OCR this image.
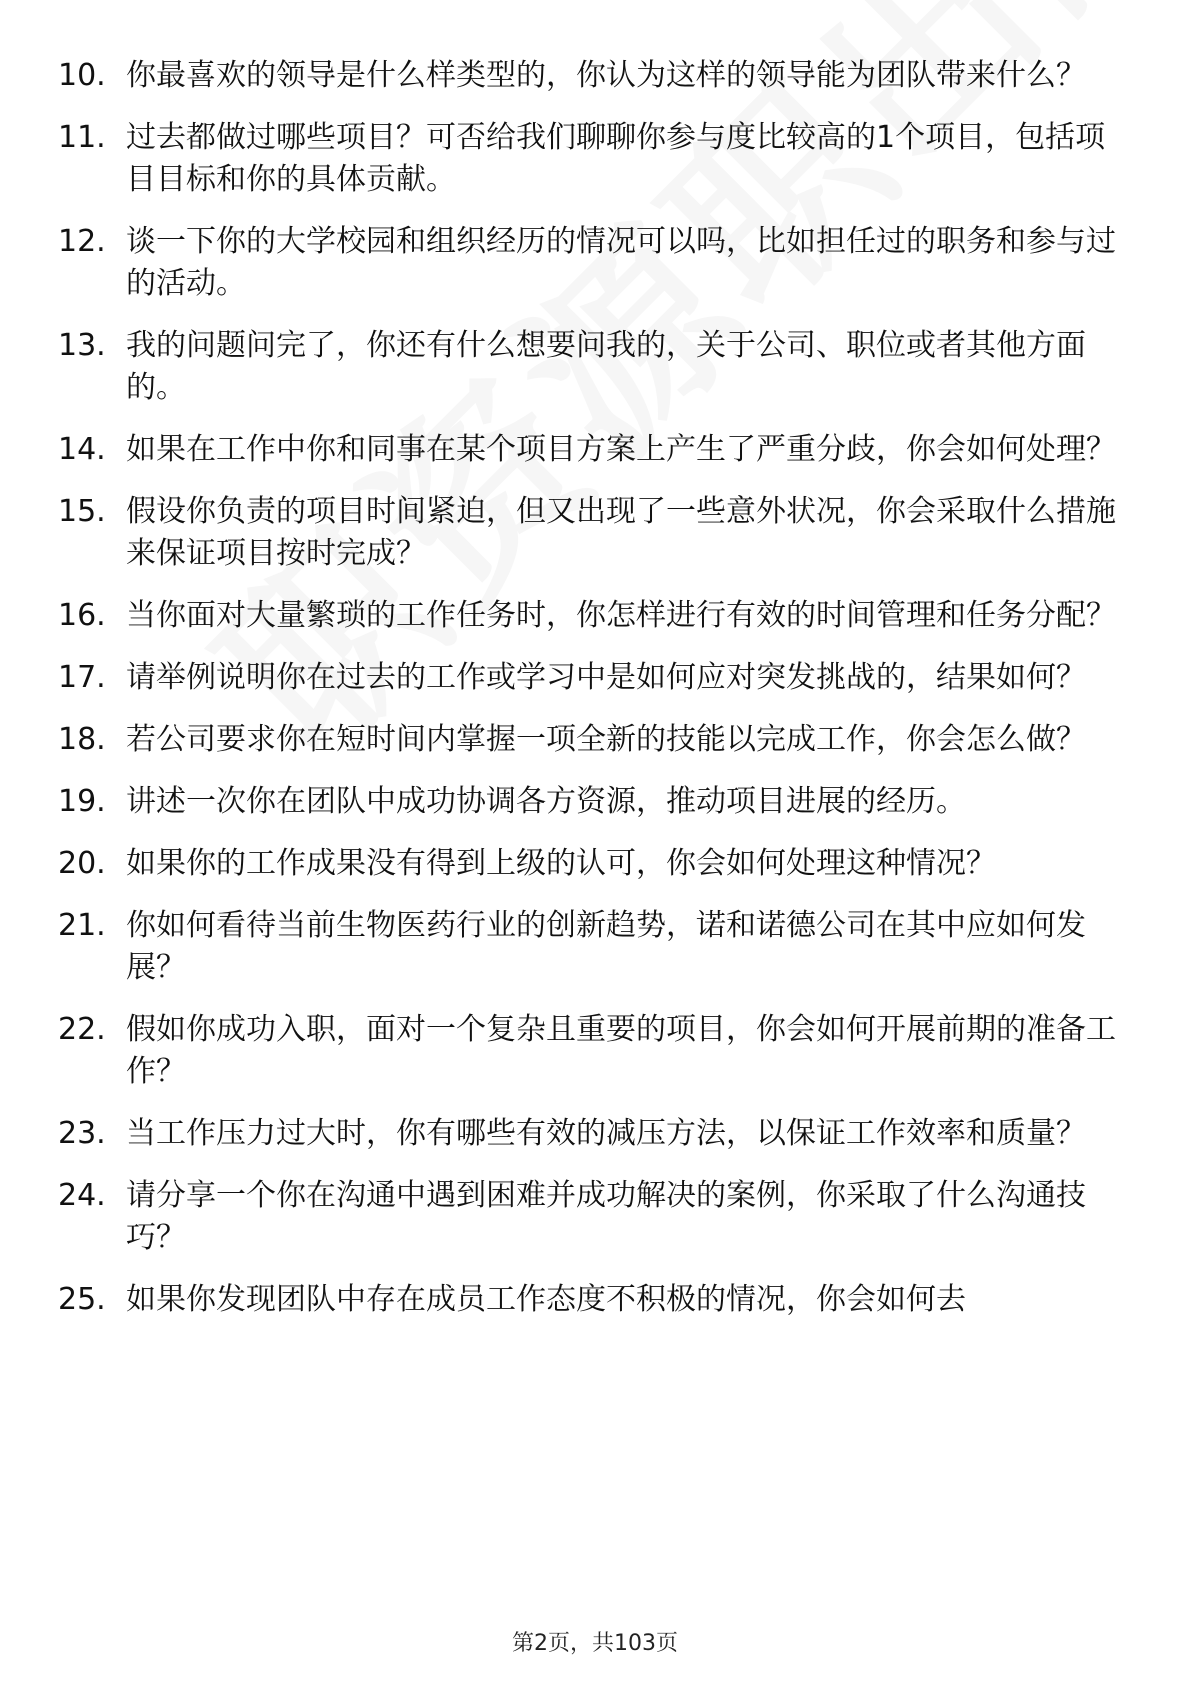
10. 你最喜欢的领导是什么样类型的，你认为这样的领导能为团队带来什么？
11. 过去都做过哪些项目？可否给我们聊聊你参与度比较高的1个项目，包括项目目标和你的具体贡献。
12. 谈一下你的大学校园和组织经历的情况可以吗，比如担任过的职务和参与过的活动。
13. 我的问题问完了，你还有什么想要问我的，关于公司、职位或者其他方面的。
14. 如果在工作中你和同事在某个项目方案上产生了严重分歧，你会如何处理？
15. 假设你负责的项目时间紧迫，但又出现了一些意外状况，你会采取什么措施来保证项目按时完成？
16. 当你面对大量繁琐的工作任务时，你怎样进行有效的时间管理和任务分配？
17. 请举例说明你在过去的工作或学习中是如何应对突发挑战的，结果如何？
18. 若公司要求你在短时间内掌握一项全新的技能以完成工作，你会怎么做？
19. 讲述一次你在团队中成功协调各方资源，推动项目进展的经历。
20. 如果你的工作成果没有得到上级的认可，你会如何处理这种情况？
21. 你如何看待当前生物医药行业的创新趋势，诺和诺德公司在其中应如何发展？
22. 假如你成功入职，面对一个复杂且重要的项目，你会如何开展前期的准备工作？
23. 当工作压力过大时，你有哪些有效的减压方法，以保证工作效率和质量？
24. 请分享一个你在沟通中遇到困难并成功解决的案例，你采取了什么沟通技巧？
25. 如果你发现团队中存在成员工作态度不积极的情况，你会如何去
第2页，共103页
